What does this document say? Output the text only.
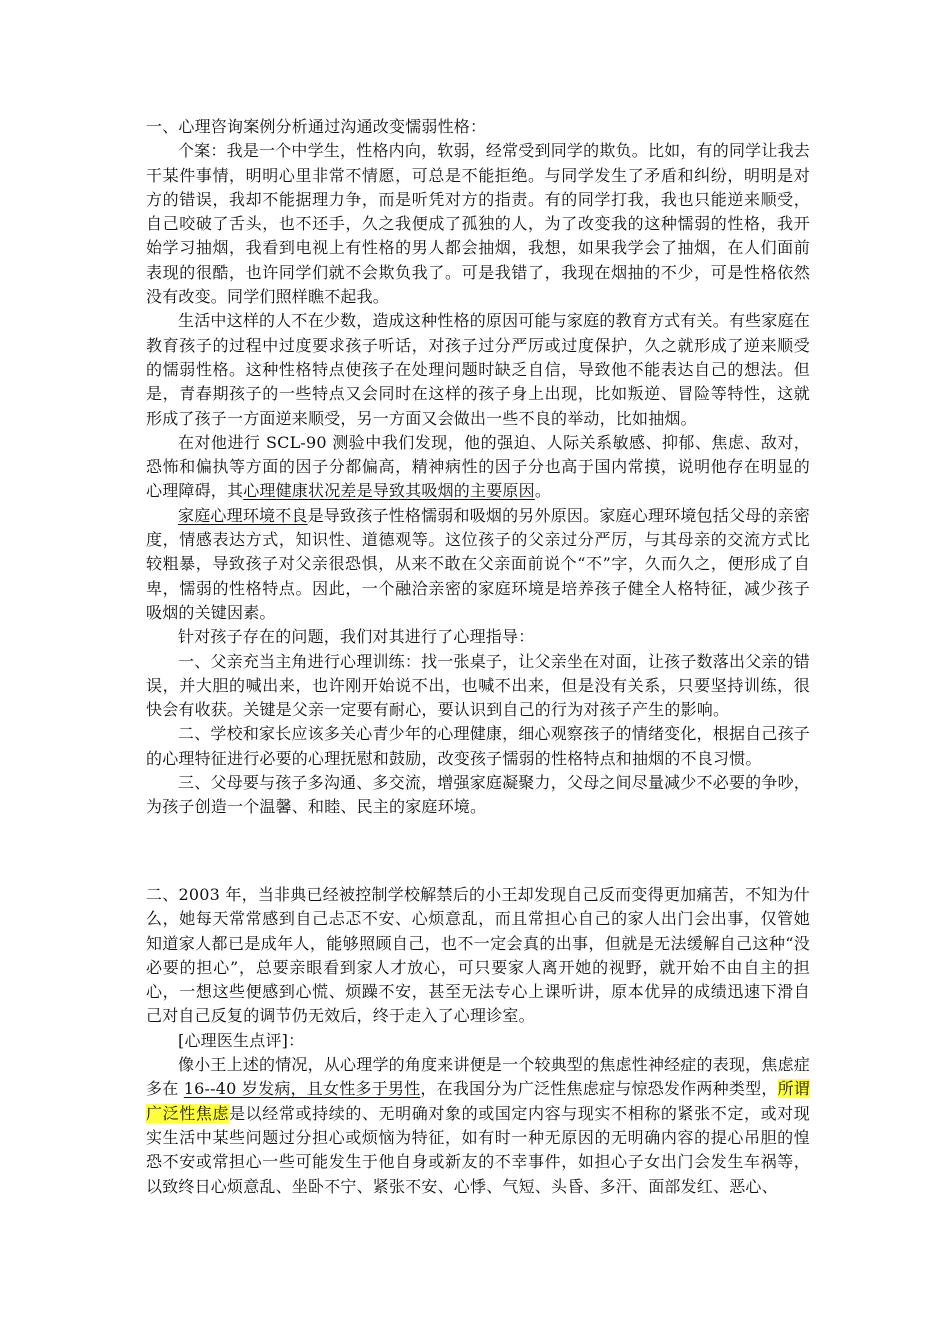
一、心理咨询案例分析通过沟通改变懦弱性格：

个案：我是一个中学生，性格内向，软弱，经常受到同学的欺负。比如，有的同学让我去干某件事情，明明心里非常不情愿，可总是不能拒绝。与同学发生了矛盾和纠纷，明明是对方的错误，我却不能据理力争，而是听凭对方的指责。有的同学打我，我也只能逆来顺受，自己咬破了舌头，也不还手，久之我便成了孤独的人，为了改变我的这种懦弱的性格，我开始学习抽烟，我看到电视上有性格的男人都会抽烟，我想，如果我学会了抽烟，在人们面前表现的很酷，也许同学们就不会欺负我了。可是我错了，我现在烟抽的不少，可是性格依然没有改变。同学们照样瞧不起我。

生活中这样的人不在少数，造成这种性格的原因可能与家庭的教育方式有关。有些家庭在教育孩子的过程中过度要求孩子听话，对孩子过分严厉或过度保护，久之就形成了逆来顺受的懦弱性格。这种性格特点使孩子在处理问题时缺乏自信，导致他不能表达自己的想法。但是，青春期孩子的一些特点又会同时在这样的孩子身上出现，比如叛逆、冒险等特性，这就形成了孩子一方面逆来顺受，另一方面又会做出一些不良的举动，比如抽烟。

在对他进行 SCL-90 测验中我们发现，他的强迫、人际关系敏感、抑郁、焦虑、敌对，恐怖和偏执等方面的因子分都偏高，精神病性的因子分也高于国内常摸，说明他存在明显的心理障碍，其心理健康状况差是导致其吸烟的主要原因。

家庭心理环境不良是导致孩子性格懦弱和吸烟的另外原因。家庭心理环境包括父母的亲密度，情感表达方式，知识性、道德观等。这位孩子的父亲过分严厉，与其母亲的交流方式比较粗暴，导致孩子对父亲很恐惧，从来不敢在父亲面前说个“不”字，久而久之，便形成了自卑，懦弱的性格特点。因此，一个融洽亲密的家庭环境是培养孩子健全人格特征，减少孩子吸烟的关键因素。

针对孩子存在的问题，我们对其进行了心理指导：

一、父亲充当主角进行心理训练：找一张桌子，让父亲坐在对面，让孩子数落出父亲的错误，并大胆的喊出来，也许刚开始说不出，也喊不出来，但是没有关系，只要坚持训练，很快会有收获。关键是父亲一定要有耐心，要认识到自己的行为对孩子产生的影响。

二、学校和家长应该多关心青少年的心理健康，细心观察孩子的情绪变化，根据自己孩子的心理特征进行必要的心理抚慰和鼓励，改变孩子懦弱的性格特点和抽烟的不良习惯。

三、父母要与孩子多沟通、多交流，增强家庭凝聚力，父母之间尽量减少不必要的争吵，为孩子创造一个温馨、和睦、民主的家庭环境。

二、2003 年，当非典已经被控制学校解禁后的小王却发现自己反而变得更加痛苦，不知为什么，她每天常常感到自己忐忑不安、心烦意乱，而且常担心自己的家人出门会出事，仅管她知道家人都已是成年人，能够照顾自己，也不一定会真的出事，但就是无法缓解自己这种“没必要的担心”，总要亲眼看到家人才放心，可只要家人离开她的视野，就开始不由自主的担心，一想这些便感到心慌、烦躁不安，甚至无法专心上课听讲，原本优异的成绩迅速下滑自己对自己反复的调节仍无效后，终于走入了心理诊室。

[心理医生点评]：

像小王上述的情况，从心理学的角度来讲便是一个较典型的焦虑性神经症的表现，焦虑症多在 16--40 岁发病，且女性多于男性，在我国分为广泛性焦虑症与惊恐发作两种类型，所谓广泛性焦虑是以经常或持续的、无明确对象的或国定内容与现实不相称的紧张不定，或对现实生活中某些问题过分担心或烦恼为特征，如有时一种无原因的无明确内容的提心吊胆的惶恐不安或常担心一些可能发生于他自身或新友的不幸事件，如担心子女出门会发生车祸等，以致终日心烦意乱、坐卧不宁、紧张不安、心悸、气短、头昏、多汗、面部发红、恶心、
